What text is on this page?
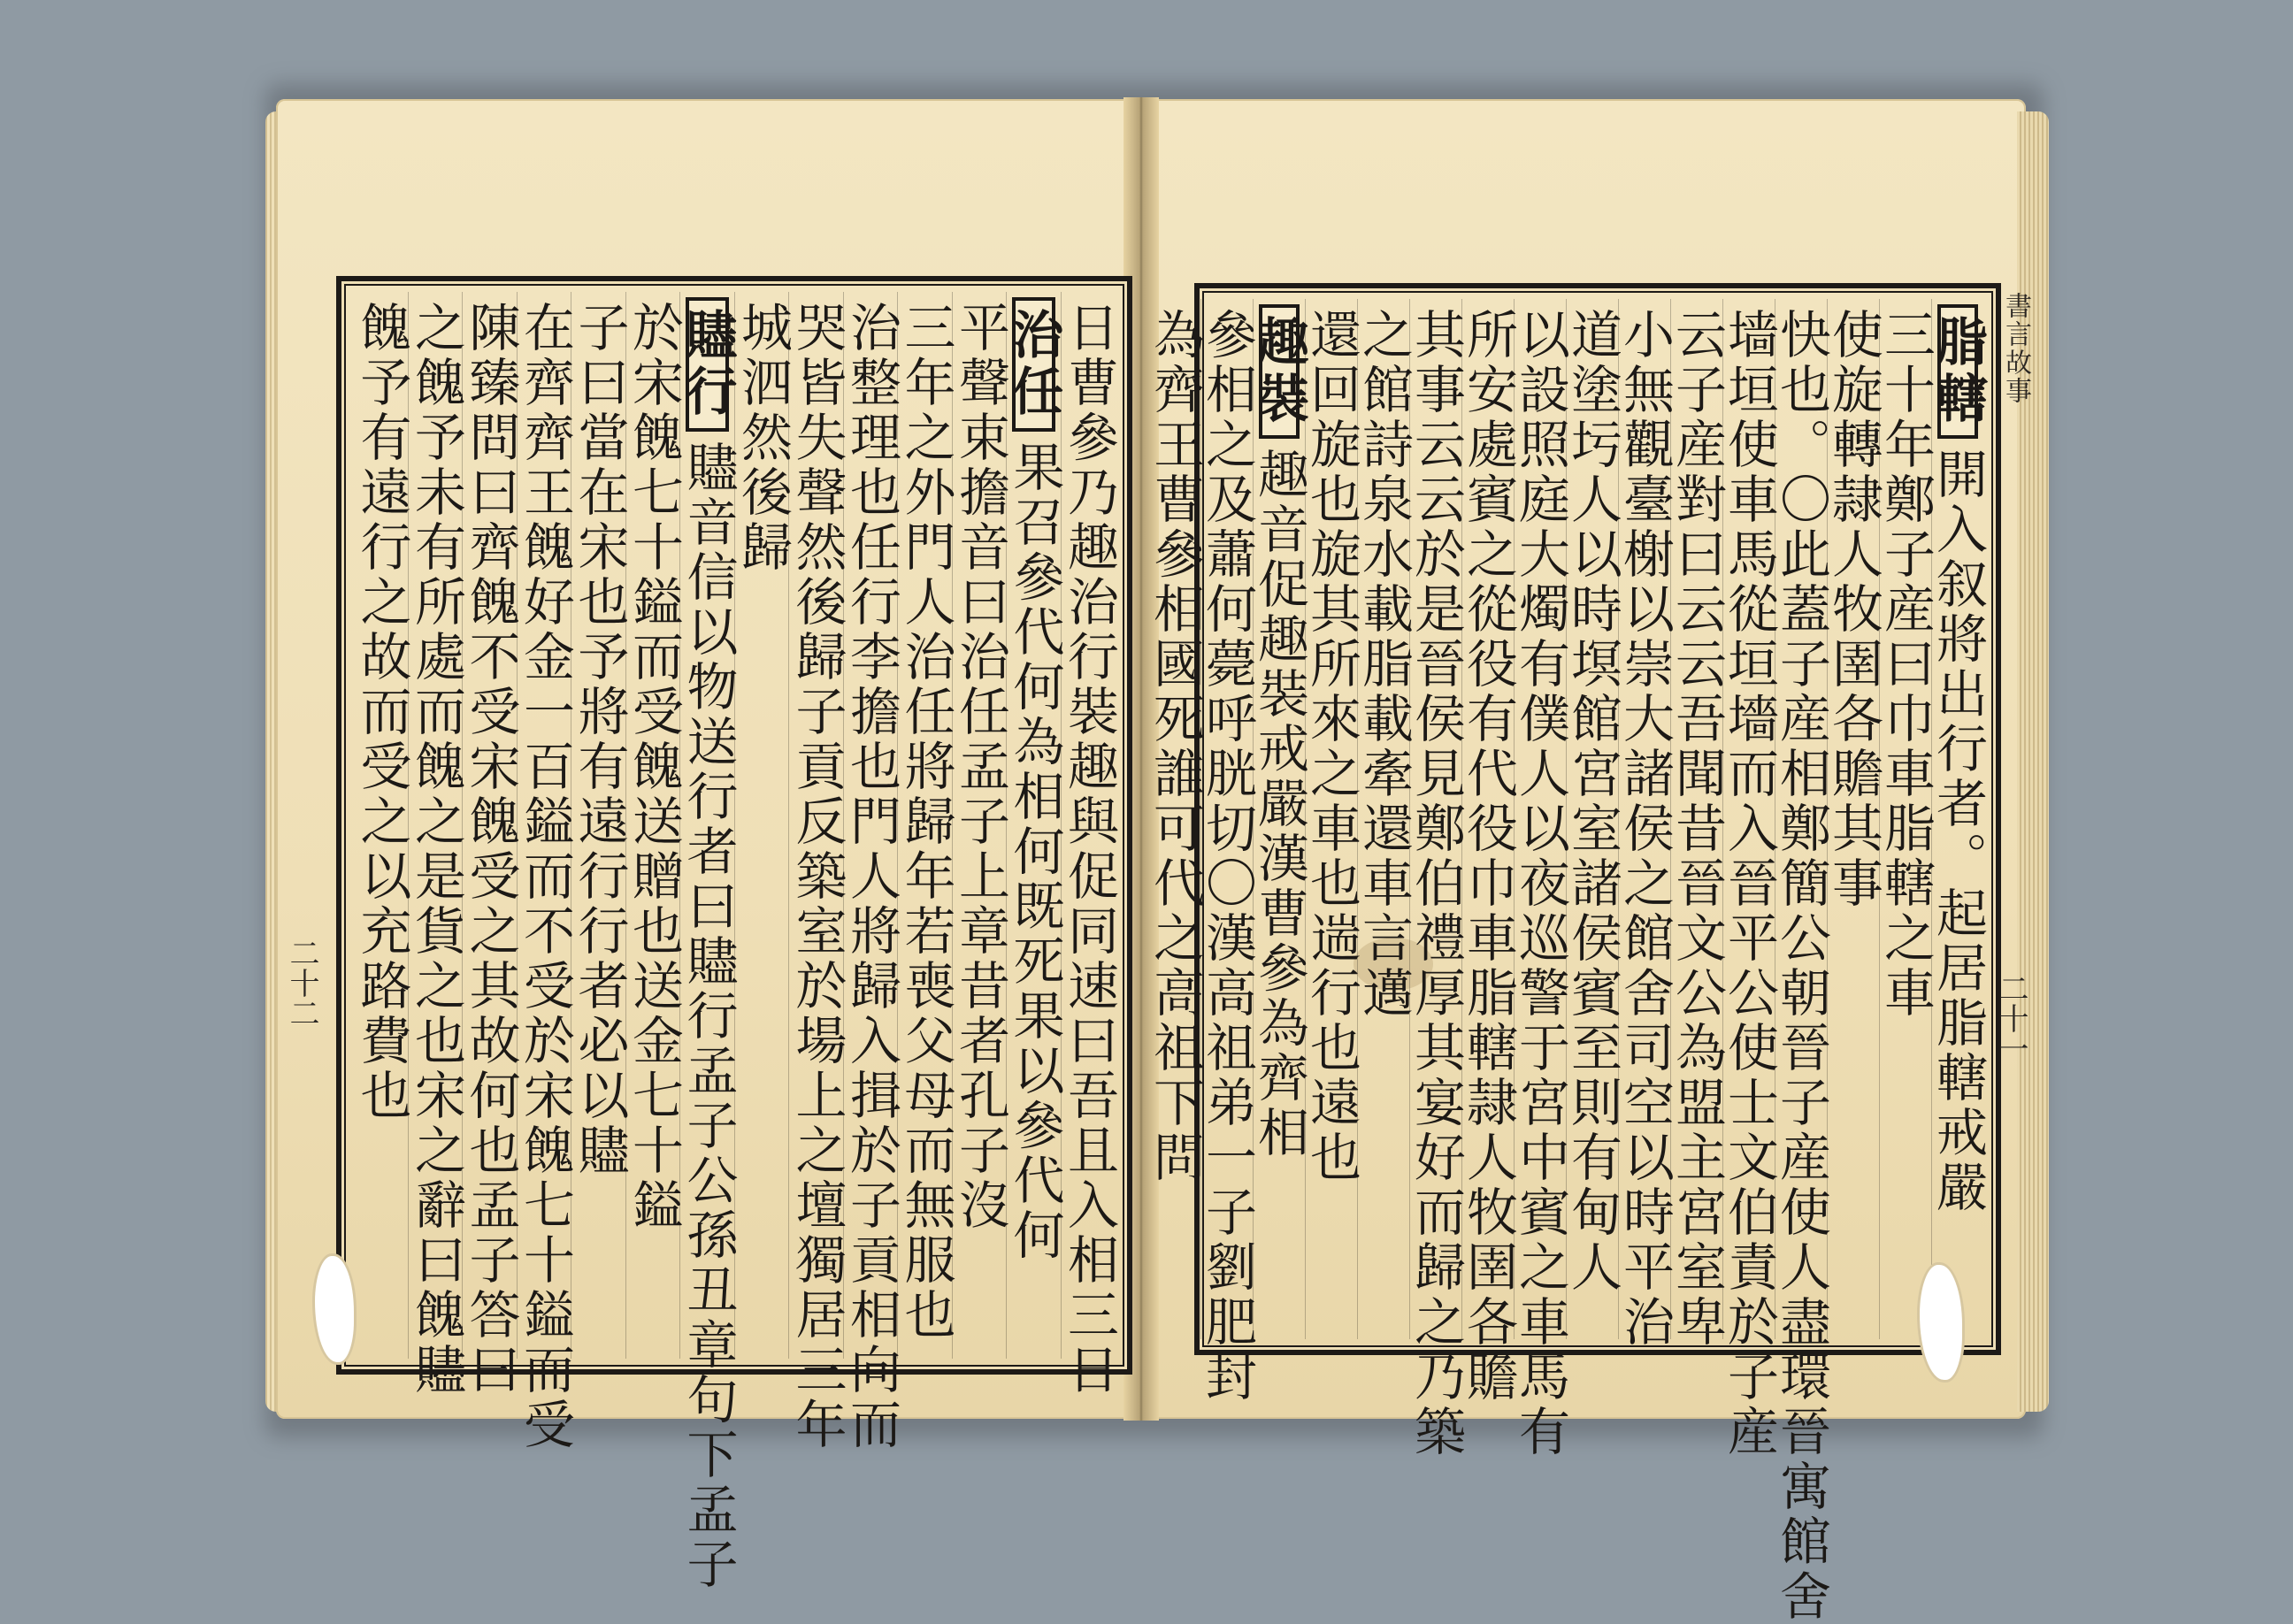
脂轄
開入叙將出行者。起居脂轄戒嚴
三十年鄭子産曰巾車脂轄之車
使旋轉隷人牧圉各贍其事
快也。〇此蓋子産相鄭簡公朝晉子産使人盡環晉寓館舍
墙垣使車馬從垣墻而入晉平公使士文伯責於子産
云子産對曰云云吾聞昔晉文公為盟主宮室卑
小無觀臺榭以崇大諸侯之館舍司空以時平治
道塗圬人以時塓館宮室諸侯賓至則有甸人
以設照庭大燭有僕人以夜巡警于宮中賓之車馬有
所安處賓之從役有代役巾車脂轄隷人牧圉各贍
其事云云於是晉侯見鄭伯禮厚其宴好而歸之乃築
之館詩泉水載脂載牽還車言邁
還回旋也旋其所來之車也遄行也遠也
趣裝
趣音促趣裝戒嚴漢曹參為齊相
參相之及蕭何薨呼胱切〇漢高祖弟一子劉肥封
為齊王曹參相國死誰可代之高祖下問
日曹參乃趣治行裝趣與促同速曰吾且入相三日
治任
果召參代何為相何既死果以參代何
平聲束擔音曰治任孟子上章昔者孔子沒
三年之外門人治任將歸年若喪父母而無服也
治整理也任行李擔也門人將歸入揖於子貢相向而
哭皆失聲然後歸子貢反築室於場上之壇獨居三年
城泗然後歸
贐行
贐音信以物送行者曰贐行孟子公孫丑章句下孟子
於宋餽七十鎰而受餽送贈也送金七十鎰
子曰當在宋也予將有遠行行者必以贐
在齊齊王餽好金一百鎰而不受於宋餽七十鎰而受
陳臻問曰齊餽不受宋餽受之其故何也孟子答曰
之餽予未有所處而餽之是貨之也宋之辭曰餽贐
餽予有遠行之故而受之以充路費也	書言故事
二十二	二十一
